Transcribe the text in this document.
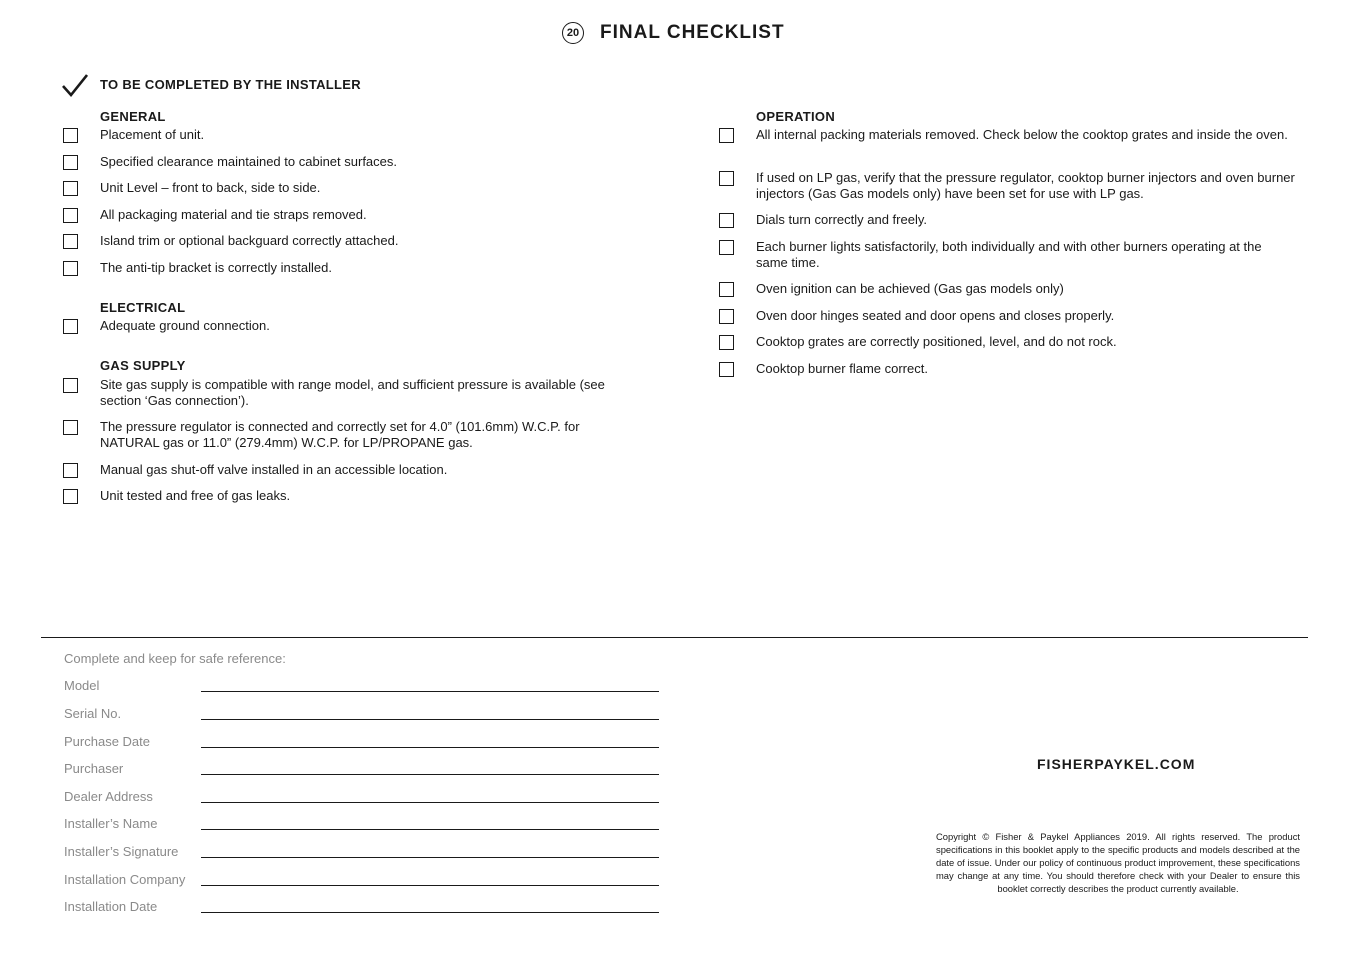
20 FINAL CHECKLIST
TO BE COMPLETED BY THE INSTALLER
GENERAL
Placement of unit.
Specified clearance maintained to cabinet surfaces.
Unit Level – front to back, side to side.
All packaging material and tie straps removed.
Island trim or optional backguard correctly attached.
The anti-tip bracket is correctly installed.
ELECTRICAL
Adequate ground connection.
GAS SUPPLY
Site gas supply is compatible with range model, and sufficient pressure is available (see section ‘Gas connection’).
The pressure regulator is connected and correctly set for 4.0” (101.6mm) W.C.P. for NATURAL gas or 11.0” (279.4mm) W.C.P. for LP/PROPANE gas.
Manual gas shut-off valve installed in an accessible location.
Unit tested and free of gas leaks.
OPERATION
All internal packing materials removed. Check below the cooktop grates and inside the oven.
If used on LP gas, verify that the pressure regulator, cooktop burner injectors and oven burner injectors (Gas Gas models only) have been set for use with LP gas.
Dials turn correctly and freely.
Each burner lights satisfactorily, both individually and with other burners operating at the same time.
Oven ignition can be achieved (Gas gas models only)
Oven door hinges seated and door opens and closes properly.
Cooktop grates are correctly positioned, level, and do not rock.
Cooktop burner flame correct.
Complete and keep for safe reference:
Model
Serial No.
Purchase Date
Purchaser
Dealer Address
Installer’s Name
Installer’s Signature
Installation Company
Installation Date
FISHERPAYKEL.COM
Copyright © Fisher & Paykel Appliances 2019. All rights reserved. The product specifications in this booklet apply to the specific products and models described at the date of issue. Under our policy of continuous product improvement, these specifications may change at any time. You should therefore check with your Dealer to ensure this booklet correctly describes the product currently available.
